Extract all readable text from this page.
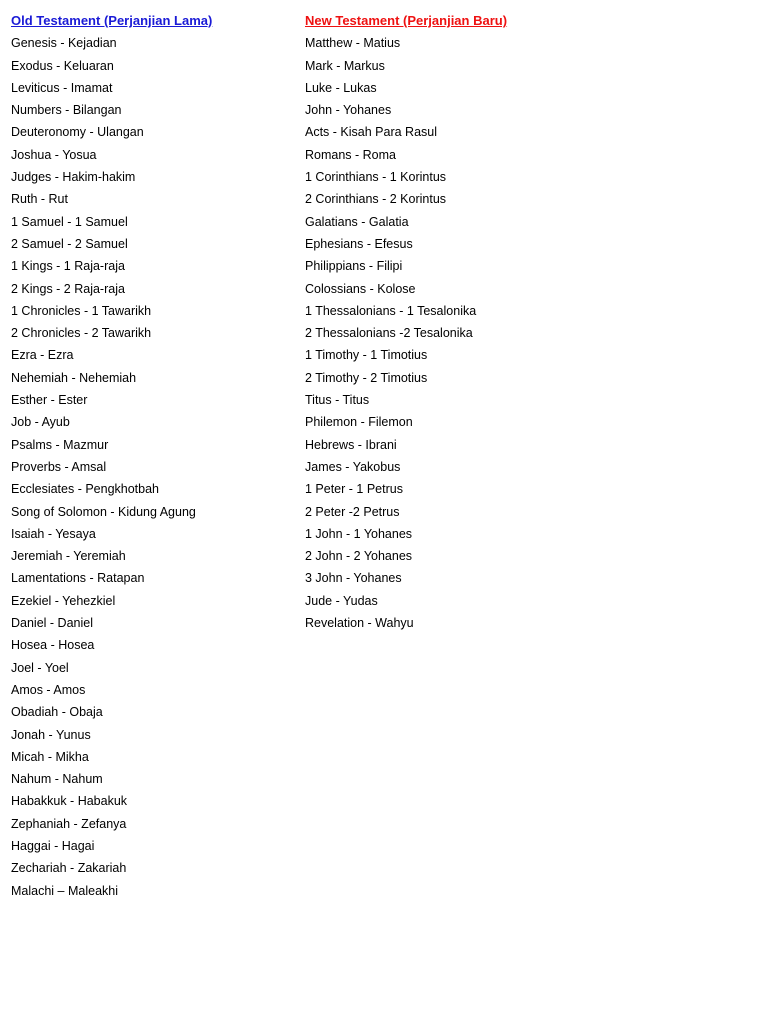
Old Testament (Perjanjian Lama)
Genesis - Kejadian
Exodus - Keluaran
Leviticus - Imamat
Numbers - Bilangan
Deuteronomy - Ulangan
Joshua - Yosua
Judges - Hakim-hakim
Ruth - Rut
1 Samuel - 1 Samuel
2 Samuel - 2 Samuel
1 Kings - 1 Raja-raja
2 Kings - 2 Raja-raja
1 Chronicles - 1 Tawarikh
2 Chronicles - 2 Tawarikh
Ezra - Ezra
Nehemiah - Nehemiah
Esther - Ester
Job - Ayub
Psalms - Mazmur
Proverbs - Amsal
Ecclesiates - Pengkhotbah
Song of Solomon - Kidung Agung
Isaiah - Yesaya
Jeremiah - Yeremiah
Lamentations - Ratapan
Ezekiel - Yehezkiel
Daniel - Daniel
Hosea - Hosea
Joel - Yoel
Amos - Amos
Obadiah - Obaja
Jonah - Yunus
Micah - Mikha
Nahum - Nahum
Habakkuk - Habakuk
Zephaniah - Zefanya
Haggai - Hagai
Zechariah - Zakariah
Malachi – Maleakhi
New Testament (Perjanjian Baru)
Matthew - Matius
Mark - Markus
Luke - Lukas
John - Yohanes
Acts - Kisah Para Rasul
Romans - Roma
1 Corinthians - 1 Korintus
2 Corinthians - 2 Korintus
Galatians - Galatia
Ephesians - Efesus
Philippians - Filipi
Colossians - Kolose
1 Thessalonians - 1 Tesalonika
2 Thessalonians -2 Tesalonika
1 Timothy - 1 Timotius
2 Timothy - 2 Timotius
Titus - Titus
Philemon - Filemon
Hebrews - Ibrani
James - Yakobus
1 Peter - 1 Petrus
2 Peter -2 Petrus
1 John - 1 Yohanes
2 John - 2 Yohanes
3 John - Yohanes
Jude - Yudas
Revelation - Wahyu
